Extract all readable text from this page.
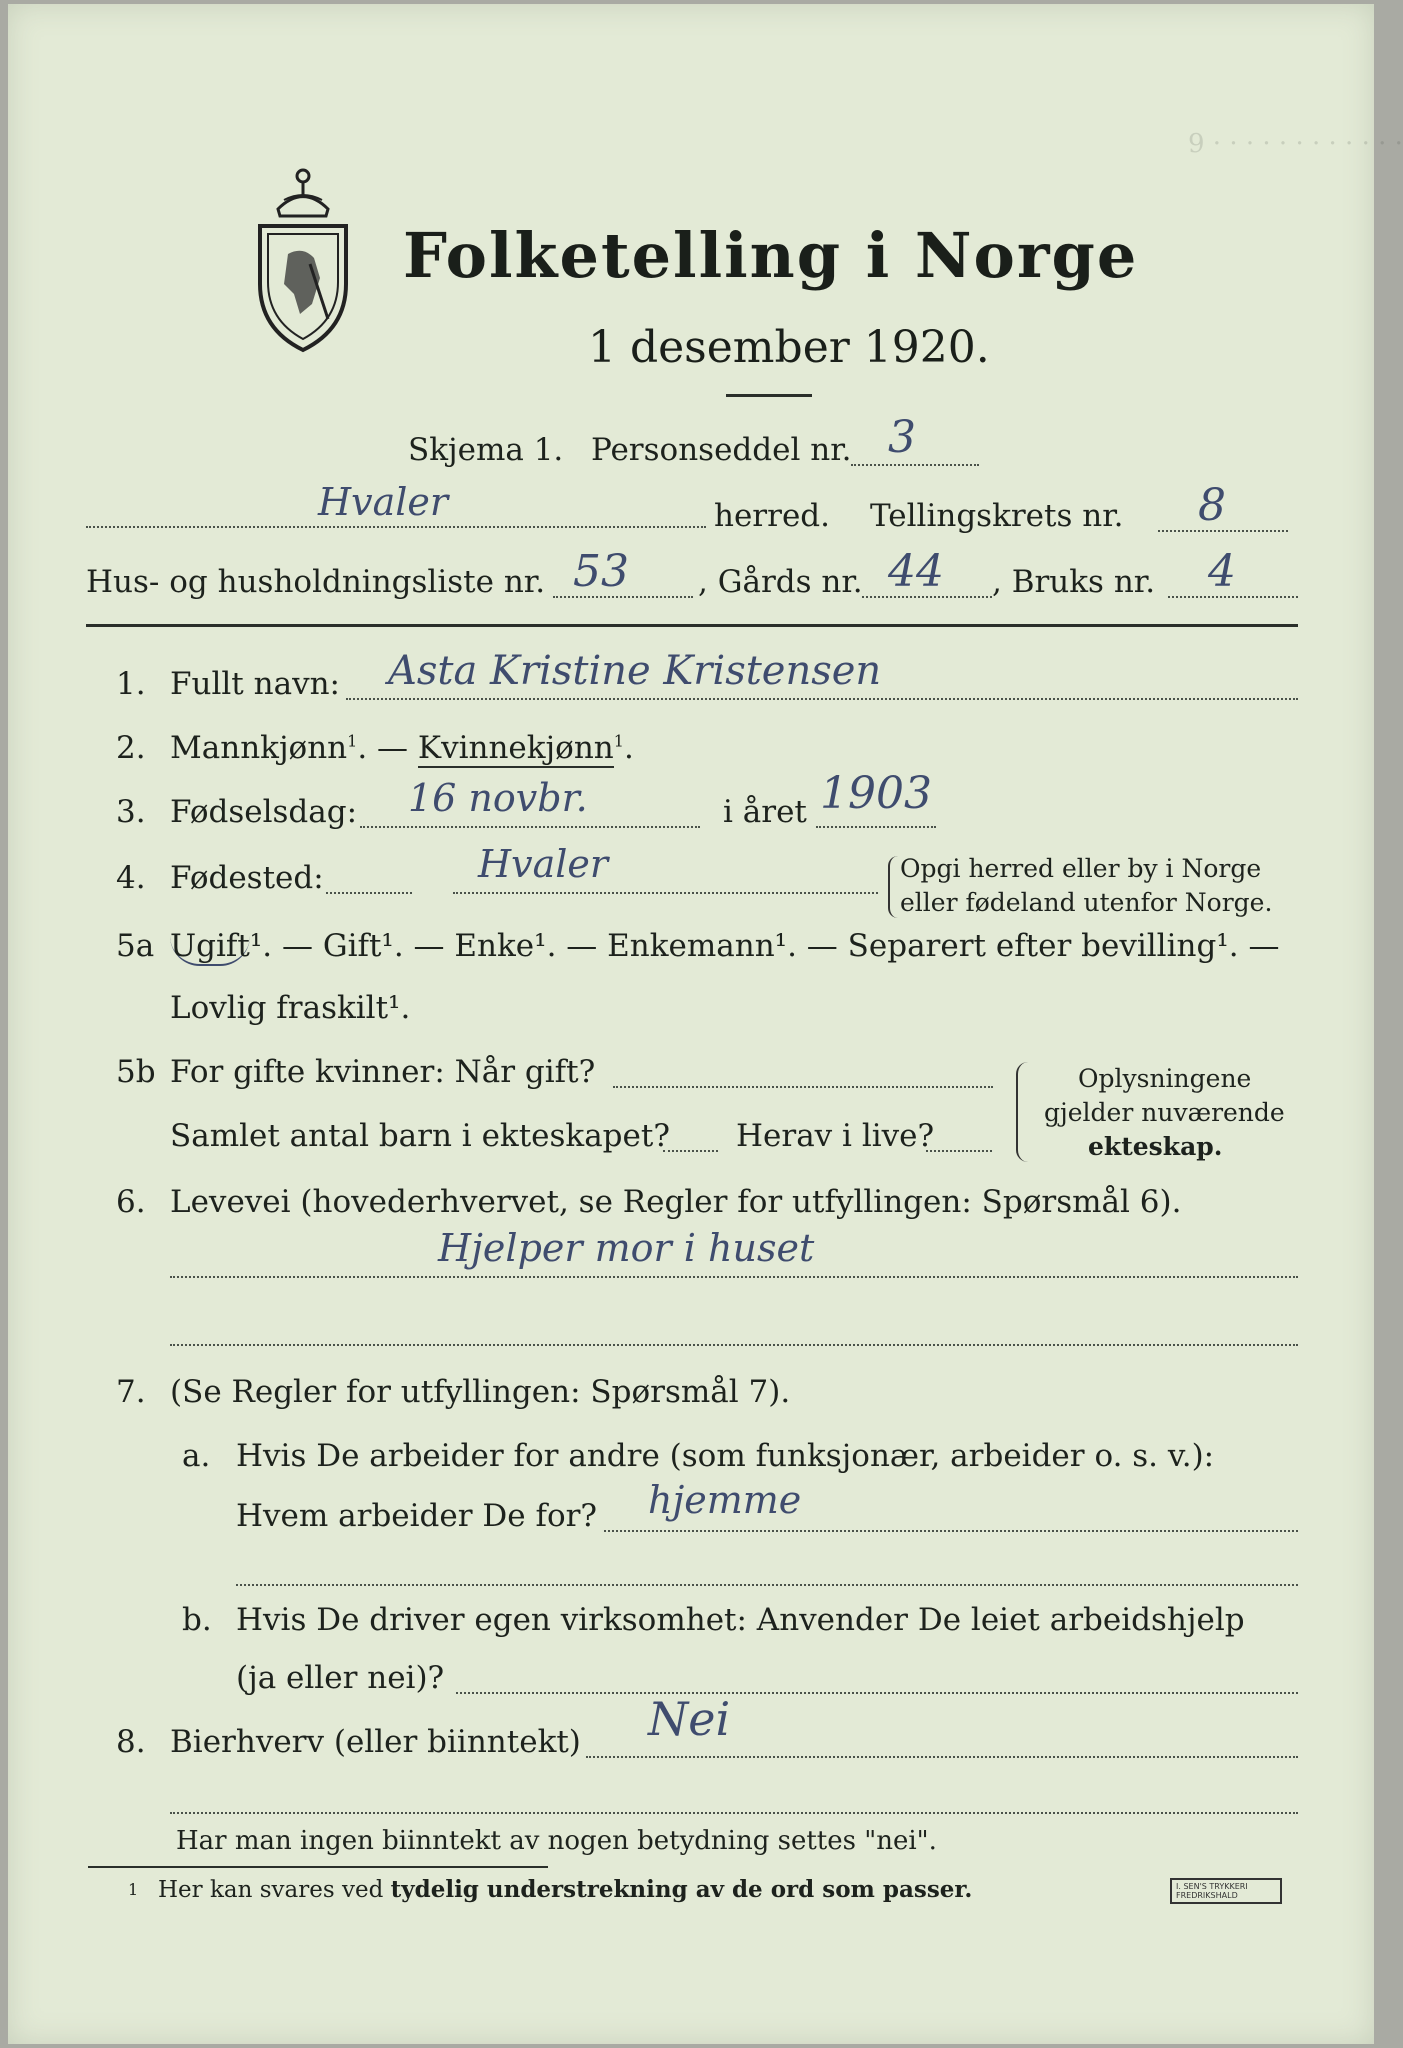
9 · · · · · · · · · · · ·
Folketelling i Norge
1 desember 1920.
Skjema 1. Personseddel nr. 3
Hvaler	herred. Tellingskrets nr. 8
Hus- og husholdningsliste nr. 53 , Gårds nr. 44 , Bruks nr. 4
1. Fullt navn: Asta Kristine Kristensen
2. Mannkjønn$^1$. — Kvinnekjønn$^1$.
3. Fødselsdag: 16 novbr.	i året 1903
4. Fødested:	Hvaler	Opgi herred eller by i Norge
eller fødeland utenfor Norge.
5a Ugift¹. — Gift¹. — Enke¹. — Enkemann¹. — Separert efter bevilling¹. —
Lovlig fraskilt¹.
5b For gifte kvinner: Når gift?
Samlet antal barn i ekteskapet? Herav i live?
Oplysningene
gjelder nuværende
ekteskap.
6. Levevei (hovederhvervet, se Regler for utfyllingen: Spørsmål 6).
Hjelper mor i huset
7. (Se Regler for utfyllingen: Spørsmål 7).
a. Hvis De arbeider for andre (som funksjonær, arbeider o. s. v.):
Hvem arbeider De for? hjemme
b. Hvis De driver egen virksomhet: Anvender De leiet arbeidshjelp
(ja eller nei)?
8. Bierhverv (eller biinntekt) Nei
Har man ingen biinntekt av nogen betydning settes "nei".
1 Her kan svares ved tydelig understrekning av de ord som passer.	I. SEN'S TRYKKERI
FREDRIKSHALD
